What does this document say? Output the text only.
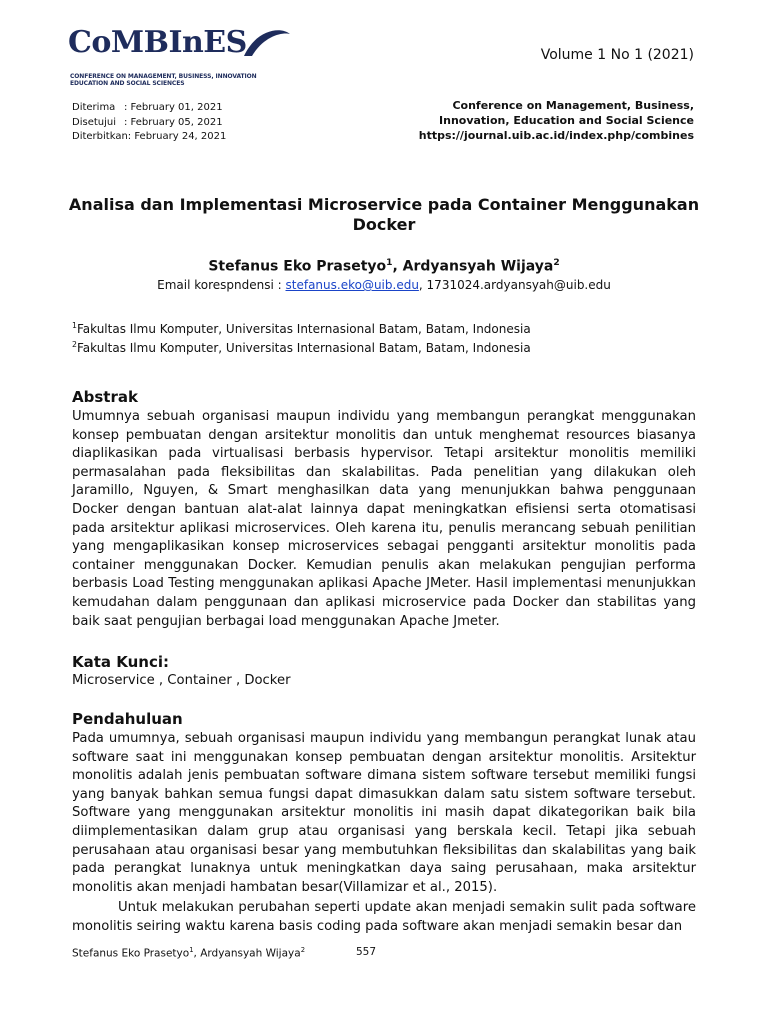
CoMBInES
CONFERENCE ON MANAGEMENT, BUSINESS, INNOVATION
EDUCATION AND SOCIAL SCIENCES
Volume 1 No 1 (2021)
Diterima : February 01, 2021
Disetujui : February 05, 2021
Diterbitkan: February 24, 2021
Conference on Management, Business,
Innovation, Education and Social Science
https://journal.uib.ac.id/index.php/combines
Analisa dan Implementasi Microservice pada Container Menggunakan Docker
Stefanus Eko Prasetyo$^1$, Ardyansyah Wijaya$^2$
Email korespndensi : stefanus.eko@uib.edu, 1731024.ardyansyah@uib.edu
$^1$Fakultas Ilmu Komputer, Universitas Internasional Batam, Batam, Indonesia
$^2$Fakultas Ilmu Komputer, Universitas Internasional Batam, Batam, Indonesia
Abstrak

Umumnya sebuah organisasi maupun individu yang membangun perangkat menggunakan konsep pembuatan dengan arsitektur monolitis dan untuk menghemat resources biasanya diaplikasikan pada virtualisasi berbasis hypervisor. Tetapi arsitektur monolitis memiliki permasalahan pada fleksibilitas dan skalabilitas. Pada penelitian yang dilakukan oleh Jaramillo, Nguyen, & Smart menghasilkan data yang menunjukkan bahwa penggunaan Docker dengan bantuan alat-alat lainnya dapat meningkatkan efisiensi serta otomatisasi pada arsitektur aplikasi microservices. Oleh karena itu, penulis merancang sebuah penilitian yang mengaplikasikan konsep microservices sebagai pengganti arsitektur monolitis pada container menggunakan Docker. Kemudian penulis akan melakukan pengujian performa berbasis Load Testing menggunakan aplikasi Apache JMeter. Hasil implementasi menunjukkan kemudahan dalam penggunaan dan aplikasi microservice pada Docker dan stabilitas yang baik saat pengujian berbagai load menggunakan Apache Jmeter.

Kata Kunci:
Microservice , Container , Docker
Pendahuluan

Pada umumnya, sebuah organisasi maupun individu yang membangun perangkat lunak atau software saat ini menggunakan konsep pembuatan dengan arsitektur monolitis. Arsitektur monolitis adalah jenis pembuatan software dimana sistem software tersebut memiliki fungsi yang banyak bahkan semua fungsi dapat dimasukkan dalam satu sistem software tersebut. Software yang menggunakan arsitektur monolitis ini masih dapat dikategorikan baik bila diimplementasikan dalam grup atau organisasi yang berskala kecil. Tetapi jika sebuah perusahaan atau organisasi besar yang membutuhkan fleksibilitas dan skalabilitas yang baik pada perangkat lunaknya untuk meningkatkan daya saing perusahaan, maka arsitektur monolitis akan menjadi hambatan besar(Villamizar et al., 2015).

Untuk melakukan perubahan seperti update akan menjadi semakin sulit pada software monolitis seiring waktu karena basis coding pada software akan menjadi semakin besar dan

Stefanus Eko Prasetyo$^1$, Ardyansyah Wijaya$^2$	557
